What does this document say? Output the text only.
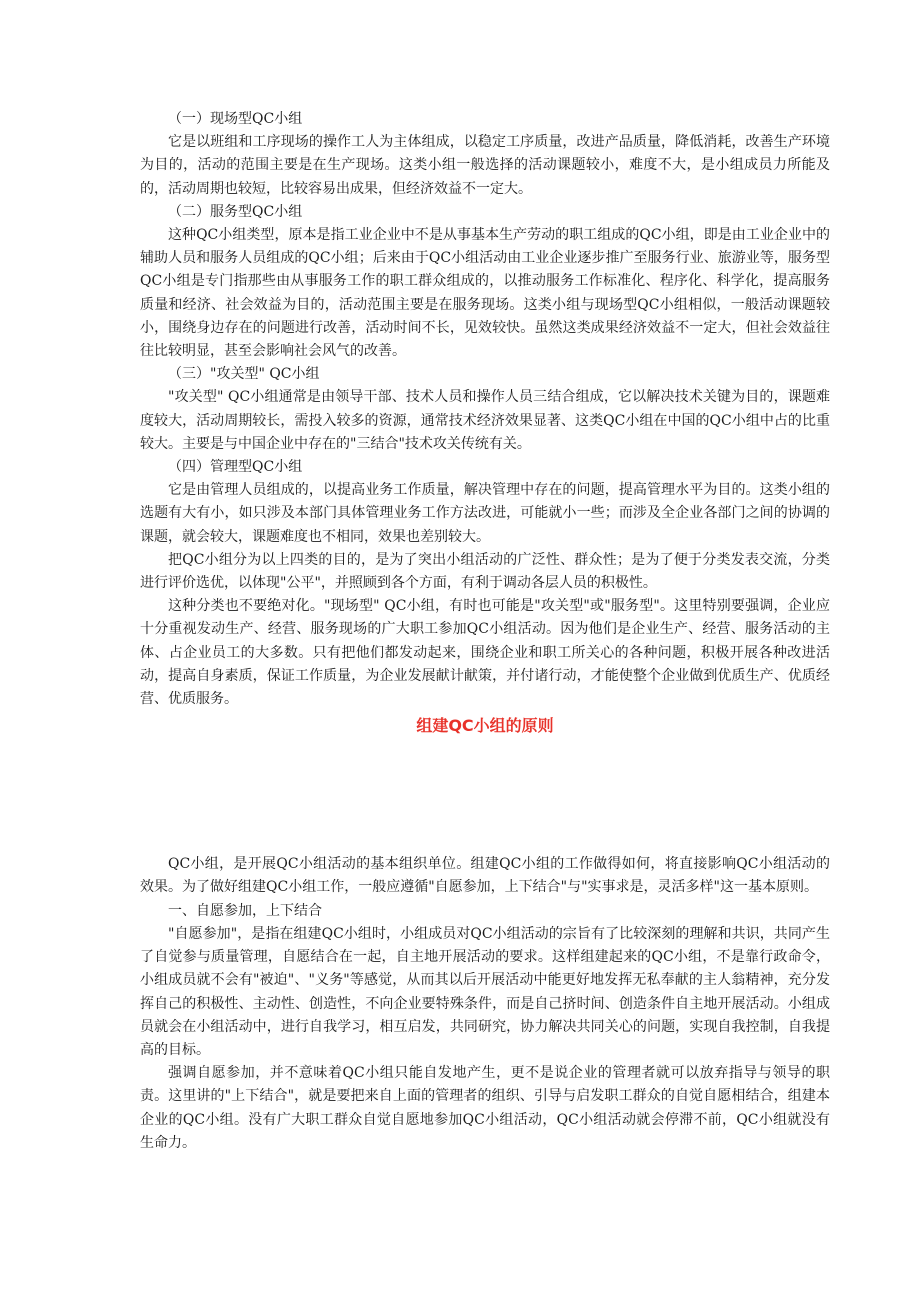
（一）现场型QC小组

它是以班组和工序现场的操作工人为主体组成，以稳定工序质量，改进产品质量，降低消耗，改善生产环境为目的，活动的范围主要是在生产现场。这类小组一般选择的活动课题较小，难度不大，是小组成员力所能及的，活动周期也较短，比较容易出成果，但经济效益不一定大。

（二）服务型QC小组

这种QC小组类型，原本是指工业企业中不是从事基本生产劳动的职工组成的QC小组，即是由工业企业中的辅助人员和服务人员组成的QC小组；后来由于QC小组活动由工业企业逐步推广至服务行业、旅游业等，服务型QC小组是专门指那些由从事服务工作的职工群众组成的，以推动服务工作标准化、程序化、科学化，提高服务质量和经济、社会效益为目的，活动范围主要是在服务现场。这类小组与现场型QC小组相似，一般活动课题较小，围绕身边存在的问题进行改善，活动时间不长，见效较快。虽然这类成果经济效益不一定大，但社会效益往往比较明显，甚至会影响社会风气的改善。

（三）"攻关型" QC小组

"攻关型" QC小组通常是由领导干部、技术人员和操作人员三结合组成，它以解决技术关键为目的，课题难度较大，活动周期较长，需投入较多的资源，通常技术经济效果显著、这类QC小组在中国的QC小组中占的比重较大。主要是与中国企业中存在的"三结合"技术攻关传统有关。

（四）管理型QC小组

它是由管理人员组成的，以提高业务工作质量，解决管理中存在的问题，提高管理水平为目的。这类小组的选题有大有小，如只涉及本部门具体管理业务工作方法改进，可能就小一些；而涉及全企业各部门之间的协调的课题，就会较大，课题难度也不相同，效果也差别较大。

把QC小组分为以上四类的目的，是为了突出小组活动的广泛性、群众性；是为了便于分类发表交流，分类进行评价选优，以体现"公平"，并照顾到各个方面，有利于调动各层人员的积极性。

这种分类也不要绝对化。"现场型" QC小组，有时也可能是"攻关型"或"服务型"。这里特别要强调，企业应十分重视发动生产、经营、服务现场的广大职工参加QC小组活动。因为他们是企业生产、经营、服务活动的主体、占企业员工的大多数。只有把他们都发动起来，围绕企业和职工所关心的各种问题，积极开展各种改进活动，提高自身素质，保证工作质量，为企业发展献计献策，并付诸行动，才能使整个企业做到优质生产、优质经营、优质服务。

组建QC小组的原则

QC小组，是开展QC小组活动的基本组织单位。组建QC小组的工作做得如何，将直接影响QC小组活动的效果。为了做好组建QC小组工作，一般应遵循"自愿参加，上下结合"与"实事求是，灵活多样"这一基本原则。

一、自愿参加，上下结合

"自愿参加"，是指在组建QC小组时，小组成员对QC小组活动的宗旨有了比较深刻的理解和共识，共同产生了自觉参与质量管理，自愿结合在一起，自主地开展活动的要求。这样组建起来的QC小组，不是靠行政命令，小组成员就不会有"被迫"、"义务"等感觉，从而其以后开展活动中能更好地发挥无私奉献的主人翁精神，充分发挥自己的积极性、主动性、创造性，不向企业要特殊条件，而是自己挤时间、创造条件自主地开展活动。小组成员就会在小组活动中，进行自我学习，相互启发，共同研究，协力解决共同关心的问题，实现自我控制，自我提高的目标。

强调自愿参加，并不意味着QC小组只能自发地产生，更不是说企业的管理者就可以放弃指导与领导的职责。这里讲的"上下结合"，就是要把来自上面的管理者的组织、引导与启发职工群众的自觉自愿相结合，组建本企业的QC小组。没有广大职工群众自觉自愿地参加QC小组活动，QC小组活动就会停滞不前，QC小组就没有生命力。
